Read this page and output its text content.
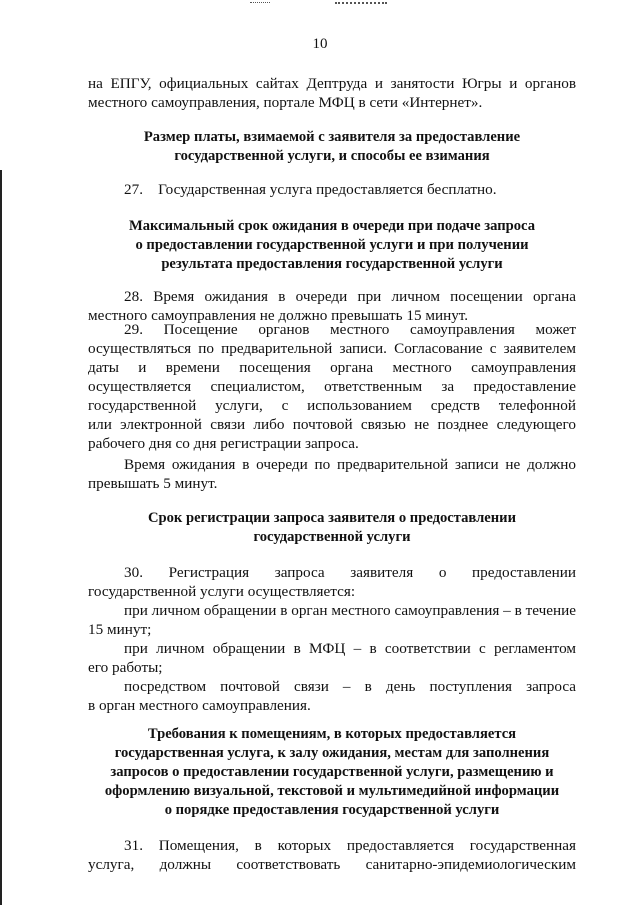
10

на ЕПГУ, официальных сайтах Дептруда и занятости Югры и органов местного самоуправления, портале МФЦ в сети «Интернет».

Размер платы, взимаемой с заявителя за предоставление
государственной услуги, и способы ее взимания

27.    Государственная услуга предоставляется бесплатно.

Максимальный срок ожидания в очереди при подаче запроса
о предоставлении государственной услуги и при получении
результата предоставления государственной услуги
28. Время ожидания в очереди при личном посещении органа
местного самоуправления не должно превышать 15 минут.
29. Посещение органов местного самоуправления может
осуществляться по предварительной записи. Согласование с заявителем
даты и времени посещения органа местного самоуправления
осуществляется специалистом, ответственным за предоставление
государственной услуги, с использованием средств телефонной
или электронной связи либо почтовой связью не позднее следующего
рабочего дня со дня регистрации запроса.
Время ожидания в очереди по предварительной записи не должно
превышать 5 минут.
Срок регистрации запроса заявителя о предоставлении
государственной услуги
30. Регистрация запроса заявителя о предоставлении
государственной услуги осуществляется:
при личном обращении в орган местного самоуправления – в течение
15 минут;
при личном обращении в МФЦ – в соответствии с регламентом
его работы;
посредством почтовой связи – в день поступления запроса
в орган местного самоуправления.
Требования к помещениям, в которых предоставляется
государственная услуга, к залу ожидания, местам для заполнения
запросов о предоставлении государственной услуги, размещению и
оформлению визуальной, текстовой и мультимедийной информации
о порядке предоставления государственной услуги
31. Помещения, в которых предоставляется государственная
услуга, должны соответствовать санитарно-эпидемиологическим
